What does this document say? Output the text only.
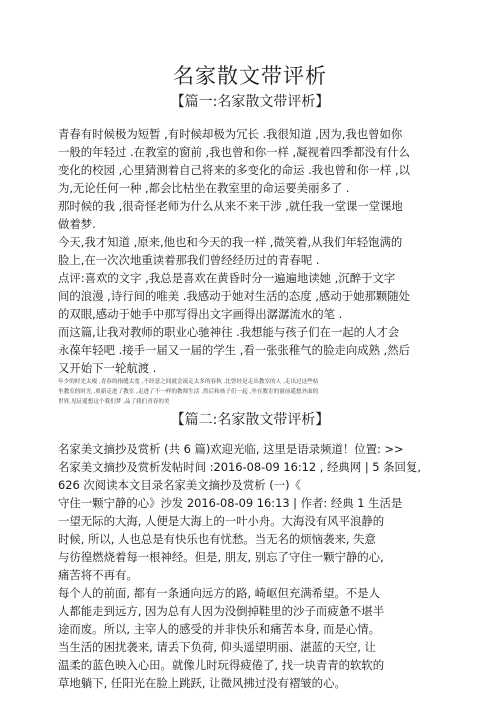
名家散文带评析
【篇一:名家散文带评析】
青春有时候极为短暂 ,有时候却极为冗长 .我很知道 ,因为,我也曾如你
一般的年轻过 .在教室的窗前 ,我也曾和你一样 ,凝视着四季都没有什么
变化的校园 ,心里猜测着自己将来的多变化的命运 .我也曾和你一样 ,以
为,无论任何一种 ,都会比枯坐在教室里的命运要美丽多了 .
那时候的我 ,很奇怪老师为什么从来不来干涉 ,就任我一堂课一堂课地
做着梦.
今天,我才知道 ,原来,他也和今天的我一样 ,微笑着,从我们年轻饱满的
脸上,在一次次地重读着那我们曾经经历过的青春呢 .
点评:喜欢的文字 ,我总是喜欢在黄昏时分一遍遍地读她 ,沉醉于文字
间的浪漫 ,诗行间的唯美 .我感动于她对生活的态度 ,感动于她那颗随处
的双眼,感动于她手中那写得出文字画得出潺潺流水的笔 .
而这篇,让我对教师的职业心驰神往 .我想能与孩子们在一起的人才会
永葆年轻吧 .接手一届又一届的学生 ,看一张张稚气的脸走向成熟 ,然后
又开始下一轮航渡 .
年少的时光太瘦 ,青春的指缝太宽 ,不经意之间就会流走太多的春秋 .比曾经是走出教室的人 ,走出过这些枯
坐教室的时光 ,重新走进了教室 ,走进了不一样的教师生活 .然后和孩子们一起 ,坐在教室的窗前遥想外面的
世界,见证遥想这个我们梦 ,品了我们青春的美
【篇二:名家散文带评析】
名家美文摘抄及赏析 (共 6 篇)欢迎光临, 这里是语录频道！位置: >>
名家美文摘抄及赏析发帖时间 :2016-08-09 16:12 , 经典网 | 5 条回复,
626 次阅读本文目录名家美文摘抄及赏析 (一)《
守住一颗宁静的心》沙发 2016-08-09 16:13 | 作者: 经典 1 生活是
一望无际的大海, 人便是大海上的一叶小舟。大海没有风平浪静的
时候, 所以, 人也总是有快乐也有忧愁。当无名的烦恼袭来, 失意
与彷徨燃烧着每一根神经。但是, 朋友, 别忘了守住一颗宁静的心,
痛苦将不再有。
每个人的前面, 都有一条通向远方的路, 崎岖但充满希望。不是人
人都能走到远方, 因为总有人因为没倒掉鞋里的沙子而疲惫不堪半
途而废。所以, 主宰人的感受的并非快乐和痛苦本身, 而是心情。
当生活的困扰袭来, 请丢下负荷, 仰头遥望明丽、湛蓝的天空, 让
温柔的蓝色映入心田。就像儿时玩得疲倦了, 找一块青青的软软的
草地躺下, 任阳光在脸上跳跃, 让微风拂过没有褶皱的心。
